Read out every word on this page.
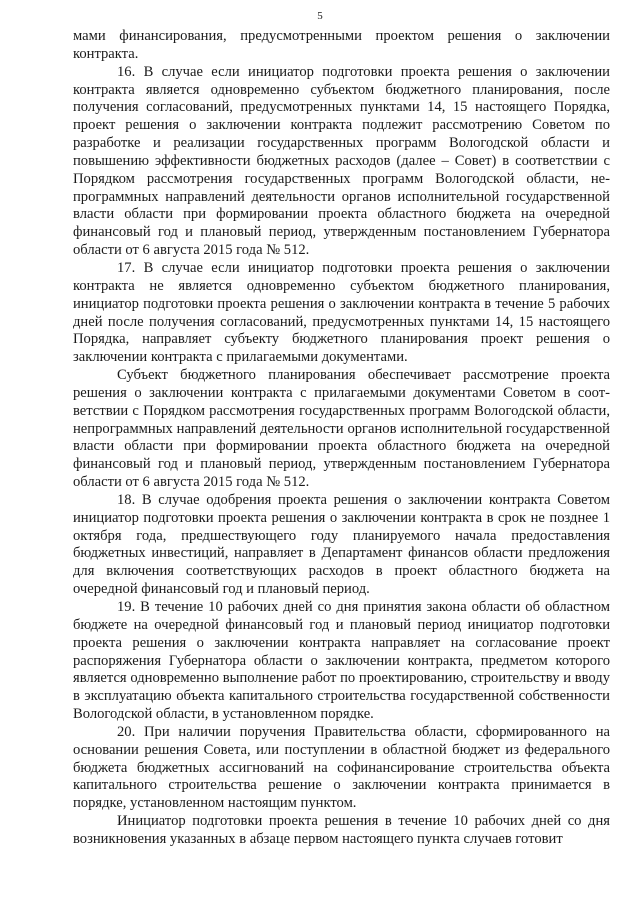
5

мами финансирования, предусмотренными проектом решения о заключении контракта.

16. В случае если инициатор подготовки проекта решения о заключении контракта является одновременно субъектом бюджетного планирования, после получения согласований, предусмотренных пунктами 14, 15 настоящего Порядка, проект решения о заключении контракта подлежит рассмотрению Советом по разработке и реализации государственных программ Вологодской области и повышению эффективности бюджетных расходов (далее – Совет) в соответствии с Порядком рассмотрения государственных программ Вологодской области, непрограммных направлений деятельности органов исполнительной государственной власти области при формировании проекта областного бюджета на очередной финансовый год и плановый период, утвержденным постановлением Губернатора области от 6 августа 2015 года № 512.

17. В случае если инициатор подготовки проекта решения о заключении контракта не является одновременно субъектом бюджетного планирования, инициатор подготовки проекта решения о заключении контракта в течение 5 рабочих дней после получения согласований, предусмотренных пунктами 14, 15 настоящего Порядка, направляет субъекту бюджетного планирования проект решения о заключении контракта с прилагаемыми документами.

Субъект бюджетного планирования обеспечивает рассмотрение проекта решения о заключении контракта с прилагаемыми документами Советом в соответствии с Порядком рассмотрения государственных программ Вологодской области, непрограммных направлений деятельности органов исполнительной государственной власти области при формировании проекта областного бюджета на очередной финансовый год и плановый период, утвержденным постановлением Губернатора области от 6 августа 2015 года № 512.

18. В случае одобрения проекта решения о заключении контракта Советом инициатор подготовки проекта решения о заключении контракта в срок не позднее 1 октября года, предшествующего году планируемого начала предоставления бюджетных инвестиций, направляет в Департамент финансов области предложения для включения соответствующих расходов в проект областного бюджета на очередной финансовый год и плановый период.

19. В течение 10 рабочих дней со дня принятия закона области об областном бюджете на очередной финансовый год и плановый период инициатор подготовки проекта решения о заключении контракта направляет на согласование проект распоряжения Губернатора области о заключении контракта, предметом которого является одновременно выполнение работ по проектированию, строительству и вводу в эксплуатацию объекта капитального строительства государственной собственности Вологодской области, в установленном порядке.

20. При наличии поручения Правительства области, сформированного на основании решения Совета, или поступлении в областной бюджет из федерального бюджета бюджетных ассигнований на софинансирование строительства объекта капитального строительства решение о заключении контракта принимается в порядке, установленном настоящим пунктом.

Инициатор подготовки проекта решения в течение 10 рабочих дней со дня возникновения указанных в абзаце первом настоящего пункта случаев готовит
